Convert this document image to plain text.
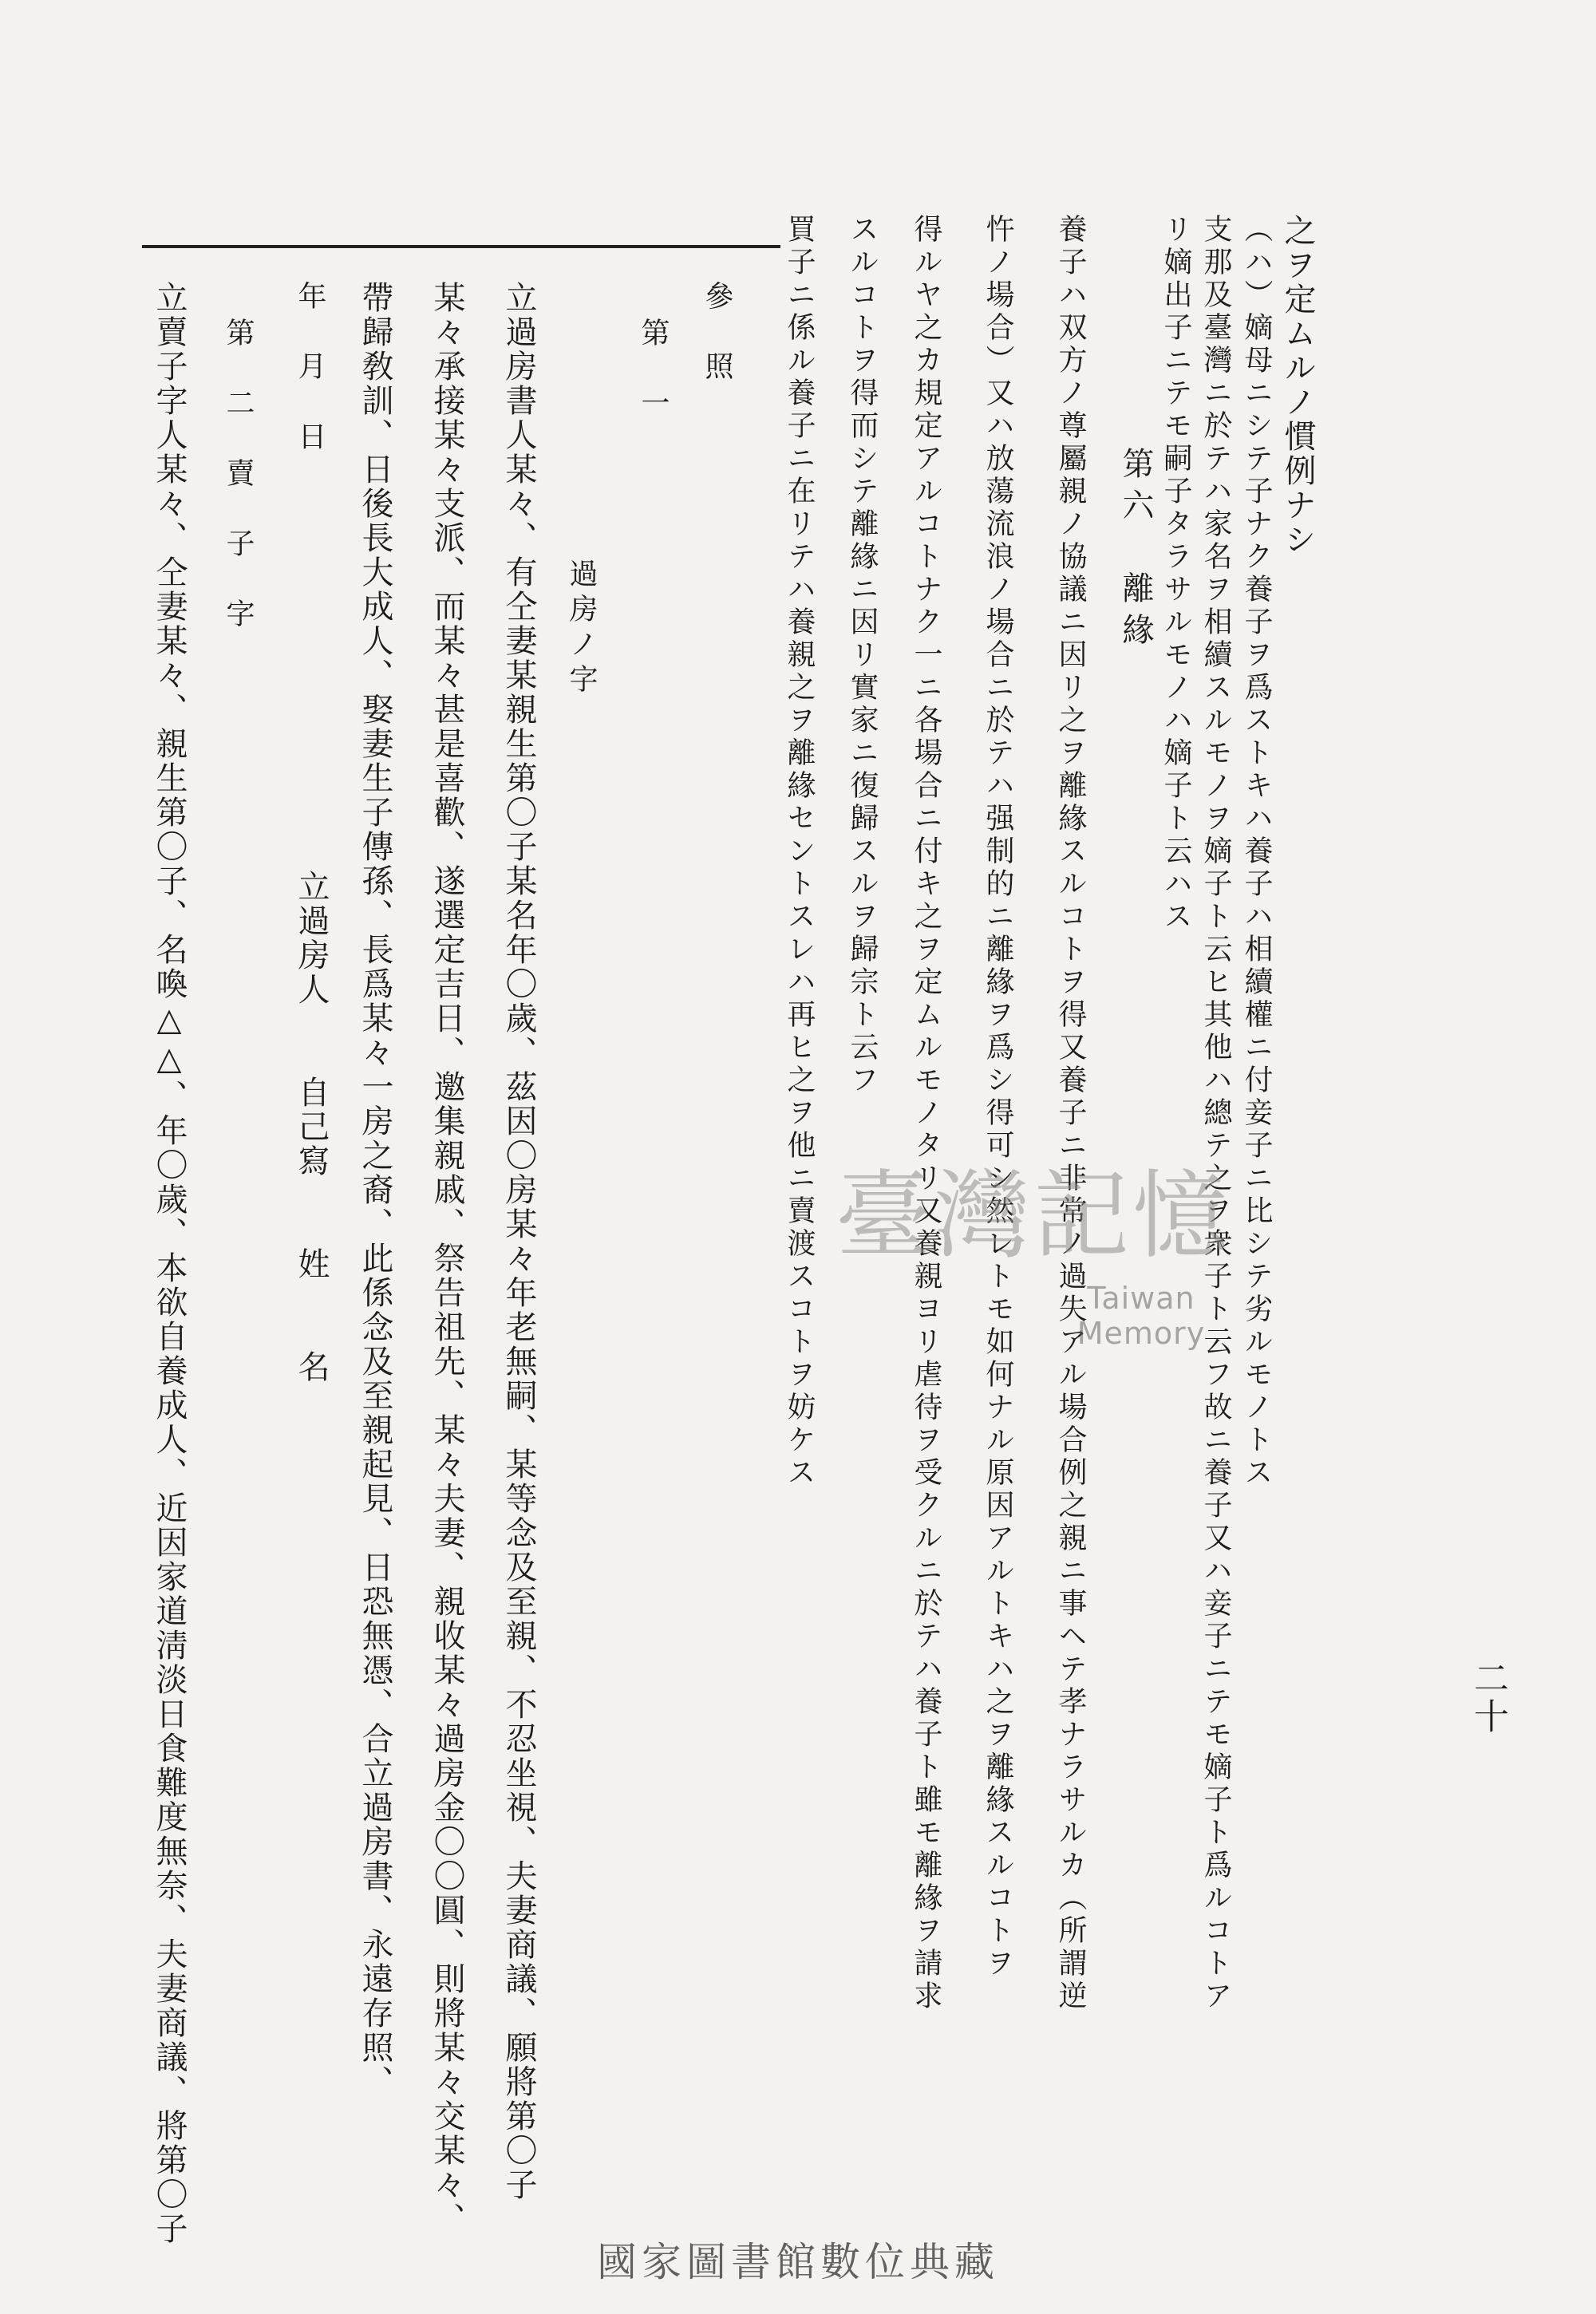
二十
之ヲ定ムルノ慣例ナシ
（ハ）嫡母ニシテ子ナク養子ヲ爲ストキハ養子ハ相續權ニ付妾子ニ比シテ劣ルモノトス
支那及臺灣ニ於テハ家名ヲ相續スルモノヲ嫡子ト云ヒ其他ハ總テ之ヲ衆子ト云フ故ニ養子又ハ妾子ニテモ嫡子ト爲ルコトア
リ嫡出子ニテモ嗣子タラサルモノハ嫡子ト云ハス
第六　離緣
養子ハ双方ノ尊屬親ノ協議ニ因リ之ヲ離緣スルコトヲ得又養子ニ非常ノ過失アル場合例之親ニ事ヘテ孝ナラサルカ（所謂逆
忤ノ場合）又ハ放蕩流浪ノ場合ニ於テハ强制的ニ離緣ヲ爲シ得可シ然レトモ如何ナル原因アルトキハ之ヲ離緣スルコトヲ
得ルヤ之カ規定アルコトナク一ニ各場合ニ付キ之ヲ定ムルモノタリ又養親ヨリ虐待ヲ受クルニ於テハ養子ト雖モ離緣ヲ請求
スルコトヲ得而シテ離緣ニ因リ實家ニ復歸スルヲ歸宗ト云フ
買子ニ係ル養子ニ在リテハ養親之ヲ離緣セントスレハ再ヒ之ヲ他ニ賣渡スコトヲ妨ケス
參　照
第　一
過房ノ字
立過房書人某々、有仝妻某親生第〇子某名年〇歲、茲因〇房某々年老無嗣、某等念及至親、不忍坐視、夫妻商議、願將第〇子
某々承接某々支派、而某々甚是喜歡、遂選定吉日、邀集親戚、祭告祖先、某々夫妻、親收某々過房金〇〇圓、則將某々交某々、
帶歸敎訓、日後長大成人、娶妻生子傳孫、長爲某々一房之裔、此係念及至親起見、日恐無憑、合立過房書、永遠存照、
立過房人　　自己寫　　姓　　名
年　月　日
第　二　賣　子　字
立賣子字人某々、仝妻某々、親生第〇子、名喚△△、年〇歲、本欲自養成人、近因家道淸淡日食難度無奈、夫妻商議、將第〇子	臺灣記憶
Taiwan Memory
國家圖書館數位典藏
